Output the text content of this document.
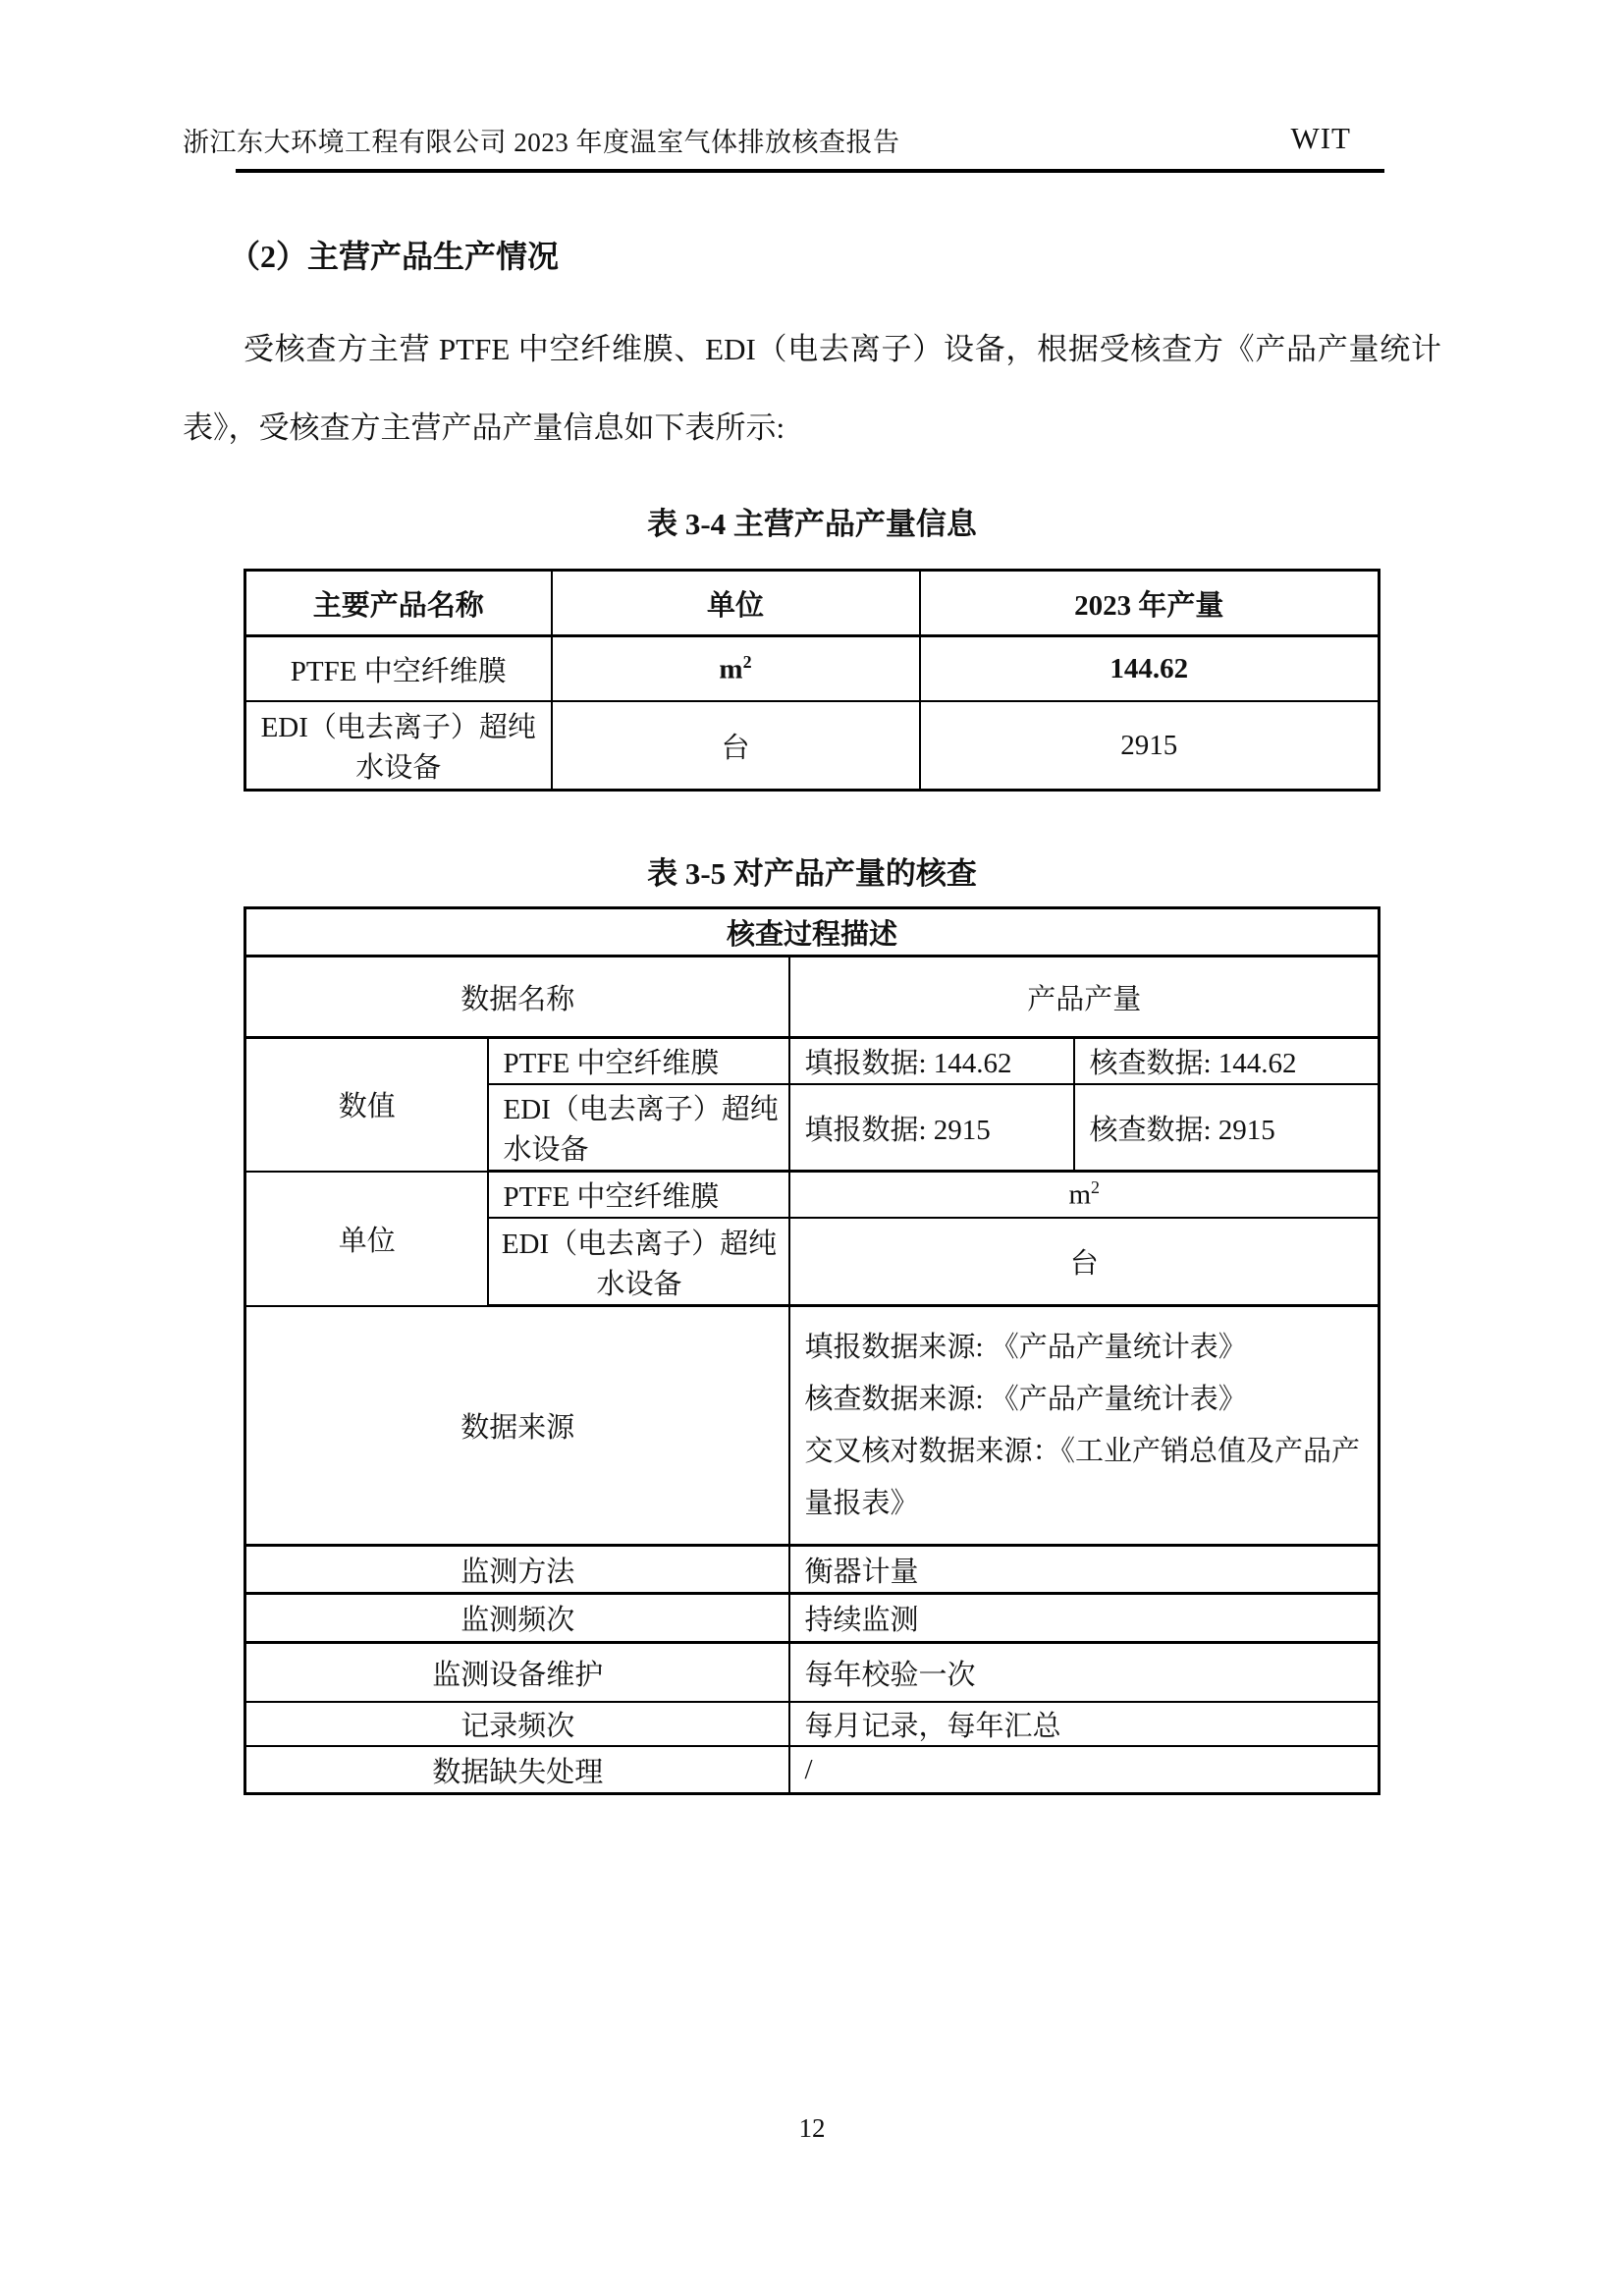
浙江东大环境工程有限公司 2023 年度温室气体排放核查报告	WIT
（2）主营产品生产情况
受核查方主营 PTFE 中空纤维膜、EDI（电去离子）设备，根据受核查方《产品产量统计表》，受核查方主营产品产量信息如下表所示:
表 3-4 主营产品产量信息
主要产品名称	单位	2023 年产量
PTFE 中空纤维膜	$m^2$	144.62
EDI（电去离子）超纯水设备	台	2915
表 3-5 对产品产量的核查
核查过程描述			
数据名称		产品产量	
数值	PTFE 中空纤维膜	填报数据: 144.62	核查数据: 144.62
	EDI（电去离子）超纯水设备	填报数据: 2915	核查数据: 2915
单位	PTFE 中空纤维膜	$m^2$
	EDI（电去离子）超纯水设备	台	
数据来源		填报数据来源: 《产品产量统计表》
核查数据来源: 《产品产量统计表》
交叉核对数据来源：《工业产销总值及产品产量报表》	

监测方法		衡器计量	
监测频次		持续监测	
监测设备维护		每年校验一次	
记录频次		每月记录，每年汇总	
数据缺失处理		/	
12
